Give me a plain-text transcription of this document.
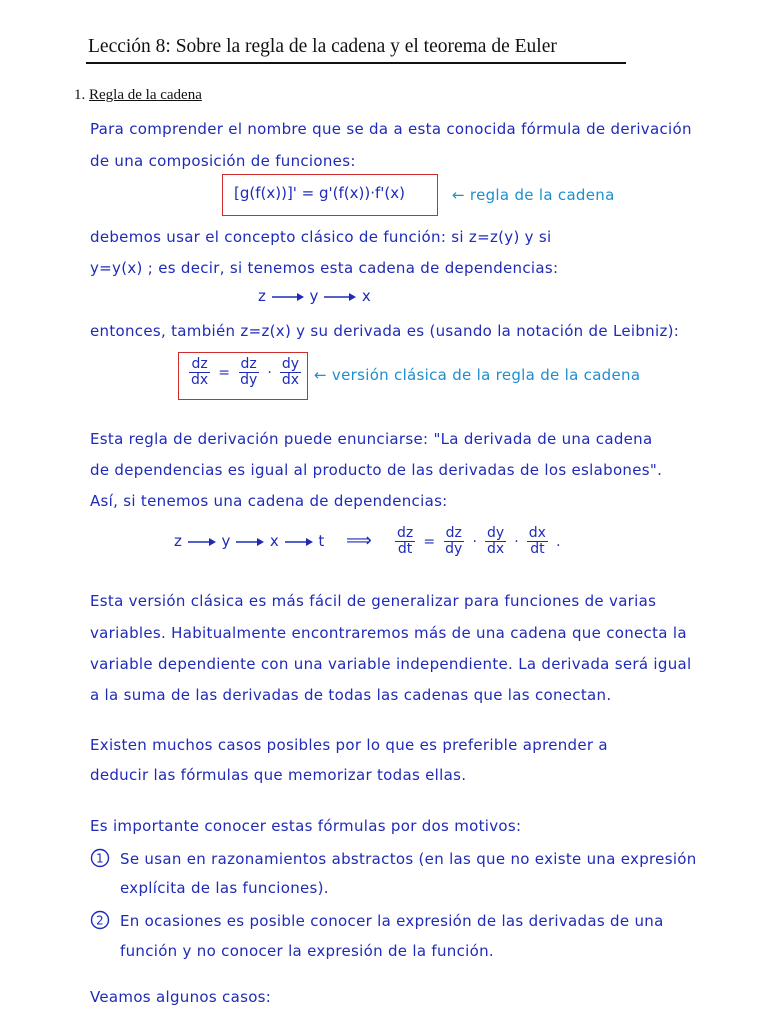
Lección 8: Sobre la regla de la cadena y el teorema de Euler
1. Regla de la cadena
Para comprender el nombre que se da a esta conocida fórmula de derivación
de una composición de funciones:
[g(f(x))]' = g'(f(x))·f'(x)	← regla de la cadena
debemos usar el concepto clásico de función: si z=z(y) y si
y=y(x) ; es decir, si tenemos esta cadena de dependencias:
z	y	x
entonces, también z=z(x) y su derivada es (usando la notación de Leibniz):
$\frac{dz}{dx} = \frac{dz}{dy} \cdot \frac{dy}{dx}$ ← versión clásica de la regla de la cadena
Esta regla de derivación puede enunciarse: "La derivada de una cadena
de dependencias es igual al producto de las derivadas de los eslabones".
Así, si tenemos una cadena de dependencias:
z	y	x	t ⟹ $\frac{dz}{dt} = \frac{dz}{dy} \cdot \frac{dy}{dx} \cdot \frac{dx}{dt}$ .
Esta versión clásica es más fácil de generalizar para funciones de varias
variables. Habitualmente encontraremos más de una cadena que conecta la
variable dependiente con una variable independiente. La derivada será igual
a la suma de las derivadas de todas las cadenas que las conectan.
Existen muchos casos posibles por lo que es preferible aprender a
deducir las fórmulas que memorizar todas ellas.
Es importante conocer estas fórmulas por dos motivos:
1 Se usan en razonamientos abstractos (en las que no existe una expresión
explícita de las funciones).
2 En ocasiones es posible conocer la expresión de las derivadas de una
función y no conocer la expresión de la función.
Veamos algunos casos:
